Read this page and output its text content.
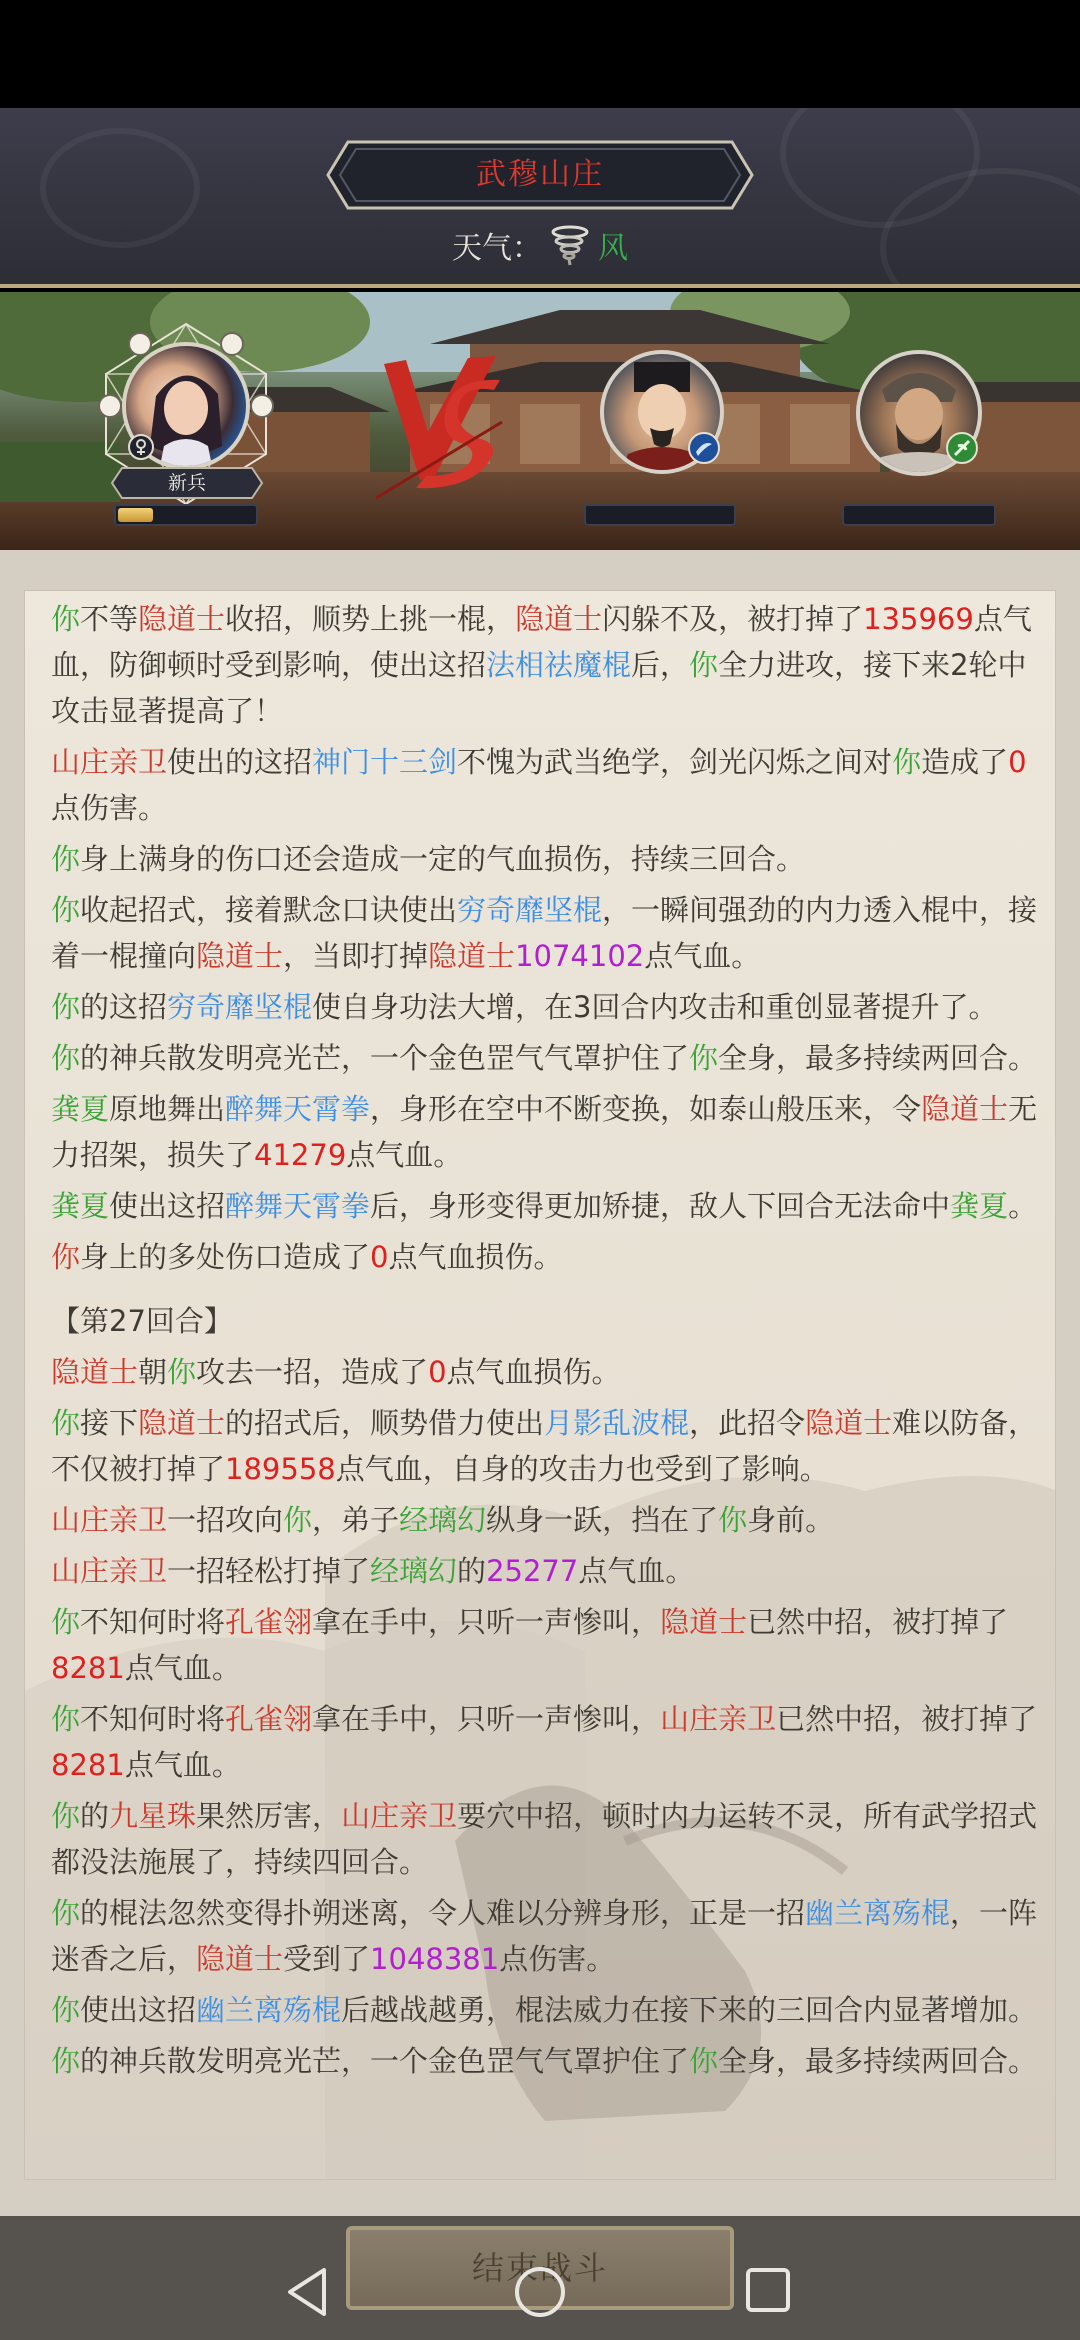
武穆山庄
天气： 风
新兵
你不等隐道士收招，顺势上挑一棍，隐道士闪躲不及，被打掉了135969点气血，防御顿时受到影响，使出这招法相祛魔棍后，你全力进攻，接下来2轮中攻击显著提高了！
山庄亲卫使出的这招神门十三剑不愧为武当绝学，剑光闪烁之间对你造成了0点伤害。
你身上满身的伤口还会造成一定的气血损伤，持续三回合。
你收起招式，接着默念口诀使出穷奇靡坚棍，一瞬间强劲的内力透入棍中，接着一棍撞向隐道士，当即打掉隐道士1074102点气血。
你的这招穷奇靡坚棍使自身功法大增，在3回合内攻击和重创显著提升了。
你的神兵散发明亮光芒，一个金色罡气气罩护住了你全身，最多持续两回合。
龚夏原地舞出醉舞天霄拳，身形在空中不断变换，如泰山般压来，令隐道士无力招架，损失了41279点气血。
龚夏使出这招醉舞天霄拳后，身形变得更加矫捷，敌人下回合无法命中龚夏。
你身上的多处伤口造成了0点气血损伤。
【第27回合】
隐道士朝你攻去一招，造成了0点气血损伤。
你接下隐道士的招式后，顺势借力使出月影乱波棍，此招令隐道士难以防备，不仅被打掉了189558点气血，自身的攻击力也受到了影响。
山庄亲卫一招攻向你，弟子经璃幻纵身一跃，挡在了你身前。
山庄亲卫一招轻松打掉了经璃幻的25277点气血。
你不知何时将孔雀翎拿在手中，只听一声惨叫，隐道士已然中招，被打掉了8281点气血。
你不知何时将孔雀翎拿在手中，只听一声惨叫，山庄亲卫已然中招，被打掉了8281点气血。
你的九星珠果然厉害，山庄亲卫要穴中招，顿时内力运转不灵，所有武学招式都没法施展了，持续四回合。
你的棍法忽然变得扑朔迷离，令人难以分辨身形，正是一招幽兰离殇棍，一阵迷香之后，隐道士受到了1048381点伤害。
你使出这招幽兰离殇棍后越战越勇，棍法威力在接下来的三回合内显著增加。
你的神兵散发明亮光芒，一个金色罡气气罩护住了你全身，最多持续两回合。
结束战斗
